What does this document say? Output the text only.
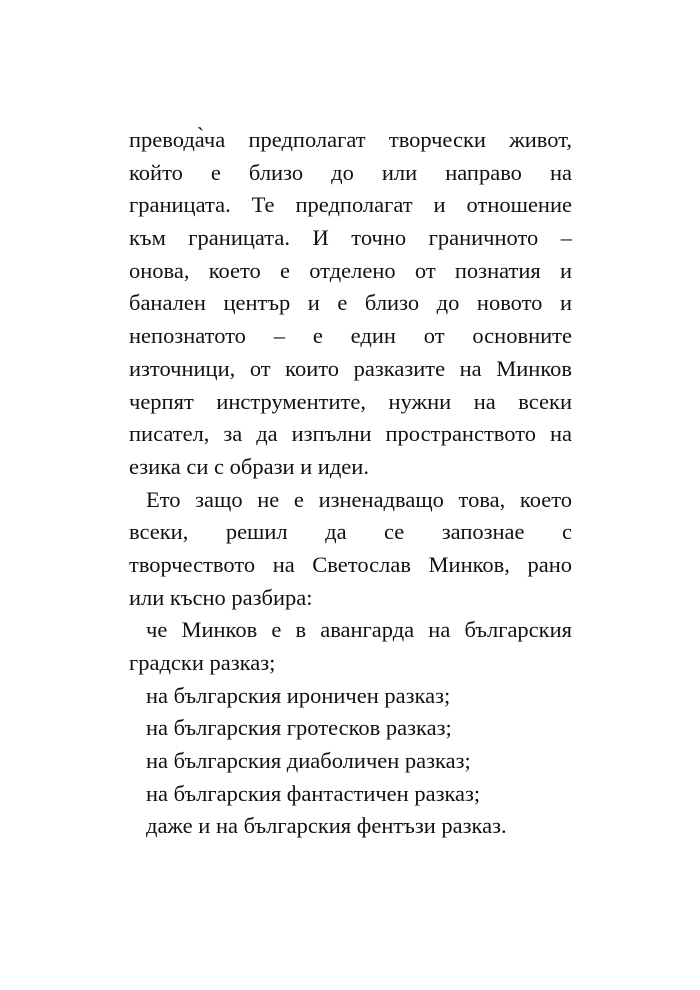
превода̀ча предполагат творчески живот,
който е близо до или направо на
границата. Те предполагат и отношение
към границата. И точно граничното –
онова, което е отделено от познатия и
банален център и е близо до новото и
непознатото – е един от основните
източници, от които разказите на Минков
черпят инструментите, нужни на всеки
писател, за да изпълни пространството на
езика си с образи и идеи.
Ето защо не е изненадващо това, което
всеки, решил да се запознае с
творчеството на Светослав Минков, рано
или късно разбира:
че Минков е в авангарда на българския
градски разказ;
на българския ироничен разказ;
на българския гротесков разказ;
на българския диаболичен разказ;
на българския фантастичен разказ;
даже и на българския фентъзи разказ.
